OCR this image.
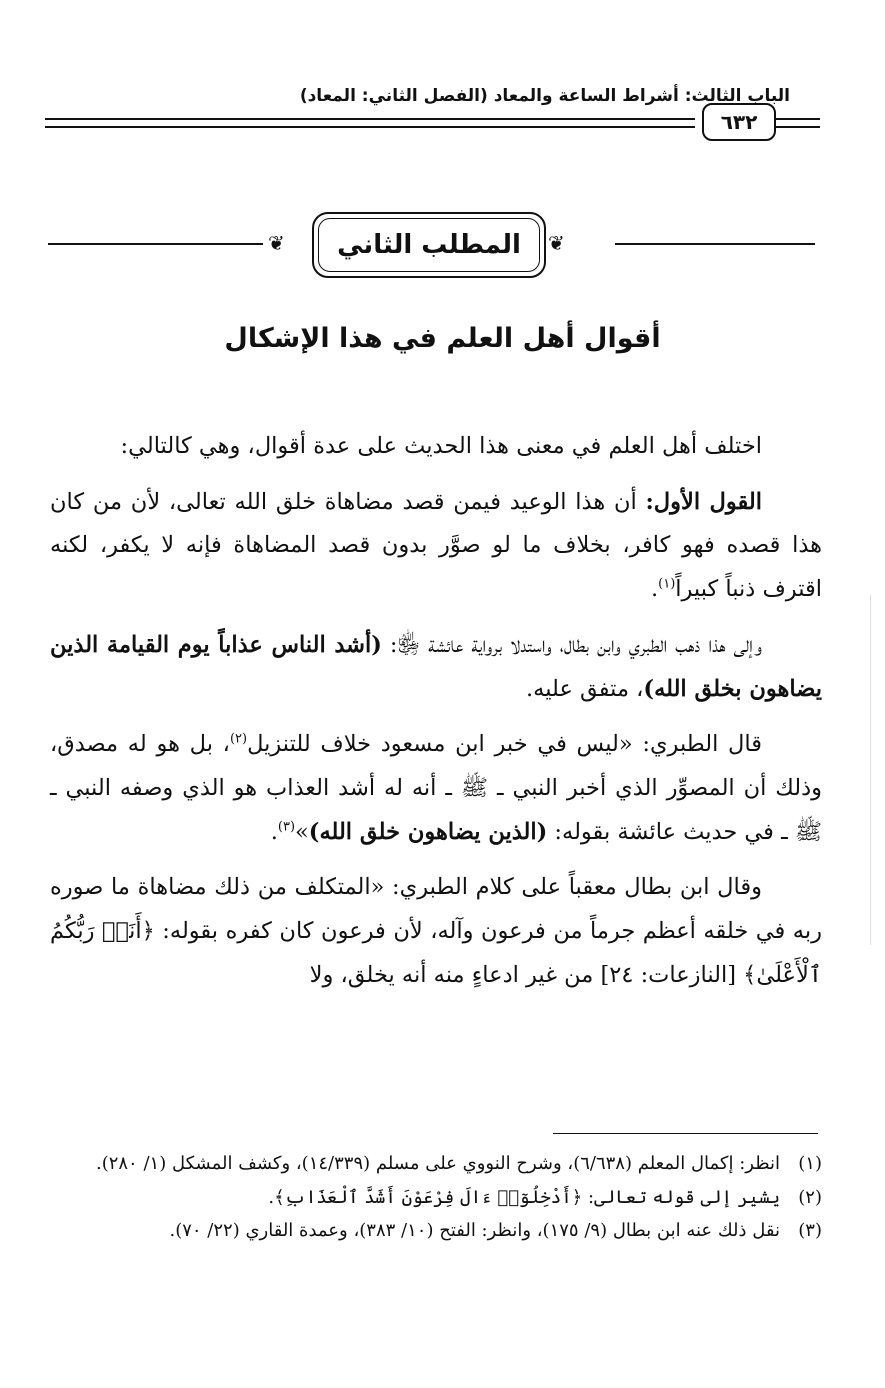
الباب الثالث: أشراط الساعة والمعاد (الفصل الثاني: المعاد)
٦٣٢
❦	المطلب الثاني	❦
أقوال أهل العلم في هذا الإشكال

اختلف أهل العلم في معنى هذا الحديث على عدة أقوال، وهي كالتالي:

القول الأول: أن هذا الوعيد فيمن قصد مضاهاة خلق الله تعالى، لأن من كان هذا قصده فهو كافر، بخلاف ما لو صوَّر بدون قصد المضاهاة فإنه لا يكفر، لكنه اقترف ذنباً كبيراً$^{(١)}$.

وإلى هذا ذهب الطبري وابن بطال، واستدلا برواية عائشة ﵂: (أشد الناس عذاباً يوم القيامة الذين يضاهون بخلق الله)، متفق عليه.

قال الطبري: «ليس في خبر ابن مسعود خلاف للتنزيل$^{(٢)}$، بل هو له مصدق، وذلك أن المصوِّر الذي أخبر النبي ـ ﷺ ـ أنه له أشد العذاب هو الذي وصفه النبي ـ ﷺ ـ في حديث عائشة بقوله: (الذين يضاهون خلق الله)»$^{(٣)}$.

وقال ابن بطال معقباً على كلام الطبري: «المتكلف من ذلك مضاهاة ما صوره ربه في خلقه أعظم جرماً من فرعون وآله، لأن فرعون كان كفره بقوله: ﴿أَنَا۠ رَبُّكُمُ ٱلْأَعْلَىٰ﴾ [النازعات: ٢٤] من غير ادعاءٍ منه أنه يخلق، ولا

(١)
انظر: إكمال المعلم (٦/٦٣٨)، وشرح النووي على مسلم (١٤/٣٣٩)، وكشف المشكل (١/ ٢٨٠).
(٢)
يشير إلى قوله تعالى: ﴿أَدْخِلُوٓا۟ ءَالَ فِرْعَوْنَ أَشَدَّ ٱلْعَذَابِ﴾.
(٣)
نقل ذلك عنه ابن بطال (٩/ ١٧٥)، وانظر: الفتح (١٠/ ٣٨٣)، وعمدة القاري (٢٢/ ٧٠).
